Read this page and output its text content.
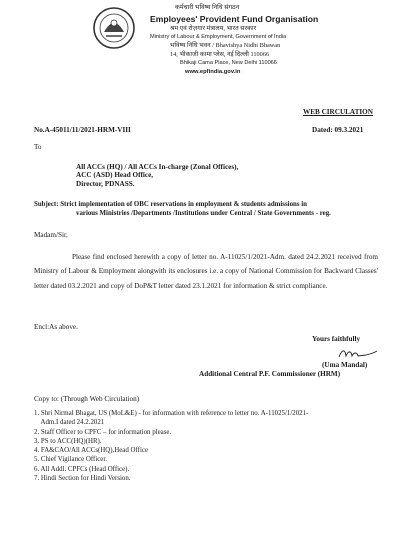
कर्मचारी भविष्य निधि संगठन
Employees' Provident Fund Organisation
श्रम एवं रोज़गार मंत्रालय, भारत सरकार
Ministry of Labour & Employment, Government of India
भविष्य निधि भवन / Bhavishya Nidhi Bhawan
14, भीकाजी कामा प्लेस, नई दिल्ली 110066
Bhikaji Cama Place, New Delhi 110066
www.epfindia.gov.in
WEB CIRCULATION
No.A-45011/11/2021-HRM-VIII	Dated: 09.3.2021
To
All ACCs (HQ) / All ACCs In-charge (Zonal Offices),
ACC (ASD) Head Office,
Director, PDNASS.
Subject: Strict implementation of OBC reservations in employment & students admissions in
various Ministries /Departments /Institutions under Central / State Governments - reg.
Madam/Sir,
Please find enclosed herewith a copy of letter no. A-11025/1/2021-Adm. dated 24.2.2021 received from Ministry of Labour & Employment alongwith its enclosures i.e. a copy of National Commission for Backward Classes' letter dated 03.2.2021 and copy of DoP&T letter dated 23.1.2021 for information & strict compliance.
Encl:As above.
Yours faithfully
(Uma Mandal)
Additional Central P.F. Commissioner (HRM)
Copy to: (Through Web Circulation)
1. Shri Nirmal Bhagat, US (MoL&E) - for information with reference to letter no. A-11025/1/2021-
Adm.I dated 24.2.2021
2. Staff Officer to CPFC – for information please.
3. PS to ACC(HQ)(HR).
4. FA&CAO/All ACCs(HQ),Head Office
5. Chief Vigilance Officer.
6. All Addl. CPFCs (Head Office).
7. Hindi Section for Hindi Version.
